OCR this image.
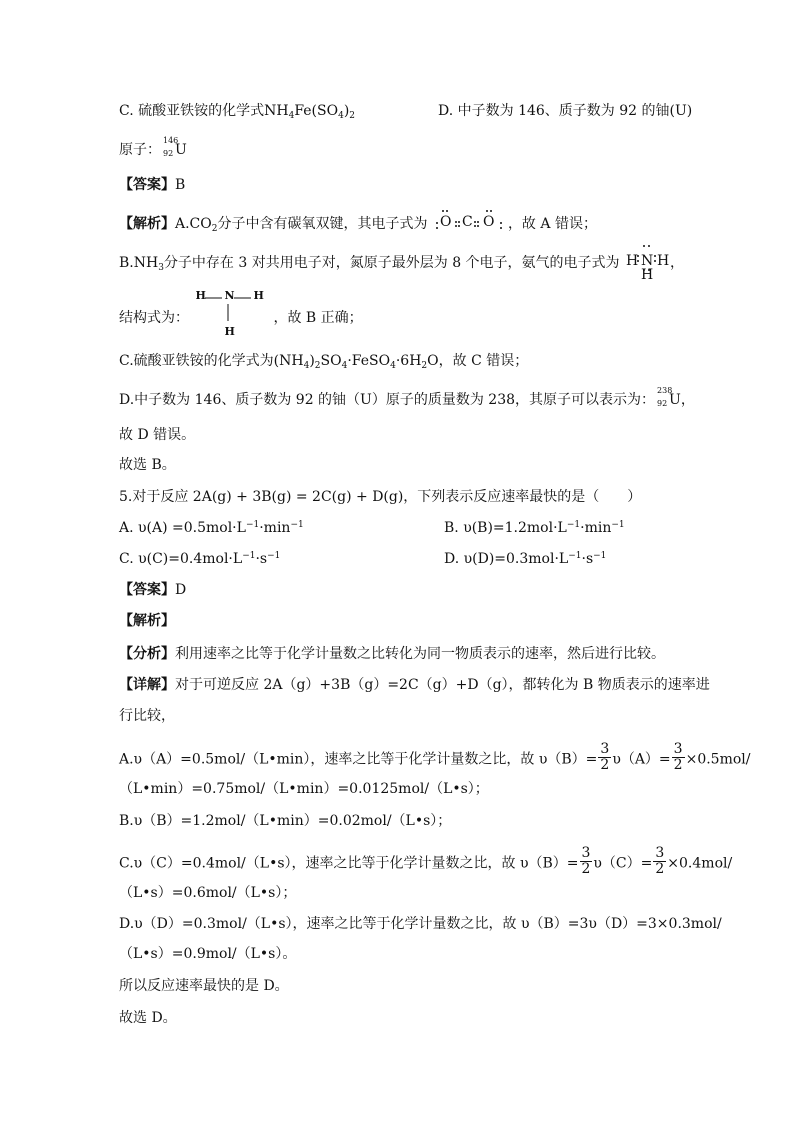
C. 硫酸亚铁铵的化学式$NH_4Fe(SO_4)_2$	D. 中子数为 146、质子数为 92 的铀(U)
原子：
146
92 U
【答案】B
【解析】$A.CO_2$分子中含有碳氧双键，其电子式为 O C O ，故 A 错误；
$B.NH_3$分子中存在 3 对共用电子对，氮原子最外层为 8 个电子，氨气的电子式为 H N H
H
，
结构式为：
H N H
H
，故 B 正确；
C.硫酸亚铁铵的化学式为$(NH_4)_2SO_4\cdot FeSO_4\cdot 6H_2O$，故 C 错误；
D.中子数为 146、质子数为 92 的铀（U）原子的质量数为 238，其原子可以表示为：
238
92 U，
故 D 错误。
故选 B。
5.对于反应 2A(g) + 3B(g) = 2C(g) + D(g)，下列表示反应速率最快的是（　　）
A. $\upsilon(A) =0.5mol\cdot L^{-1}\cdot\min^{-1}$	B. $\upsilon(B)=1.2mol\cdot L^{-1}\cdot\min^{-1}$
C. $\upsilon(C)=0.4mol\cdot L^{-1}\cdot s^{-1}$	D. $\upsilon(D)=0.3mol\cdot L^{-1}\cdot s^{-1}$
【答案】D
【解析】
【分析】利用速率之比等于化学计量数之比转化为同一物质表示的速率，然后进行比较。
【详解】对于可逆反应 2A（g）+3B（g）=2C（g）+D（g），都转化为 B 物质表示的速率进
行比较，
A.υ（A）=0.5mol/（L•min），速率之比等于化学计量数之比，故 $\upsilon(B)= \frac{3}{2} \upsilon(A)= \frac{3}{2} \times 0.5mol/$
（L•min）=0.75mol/（L•min）=0.0125mol/（L•s）；
B.υ（B）=1.2mol/（L•min）=0.02mol/（L•s）；
C.υ（C）=0.4mol/（L•s），速率之比等于化学计量数之比，故 $\upsilon(B)= \frac{3}{2} \upsilon(C)= \frac{3}{2} \times 0.4mol/$
（L•s）=0.6mol/（L•s）；
D.υ（D）=0.3mol/（L•s），速率之比等于化学计量数之比，故 υ（B）=3υ（D）=3×0.3mol/
（L•s）=0.9mol/（L•s）。
所以反应速率最快的是 D。
故选 D。
